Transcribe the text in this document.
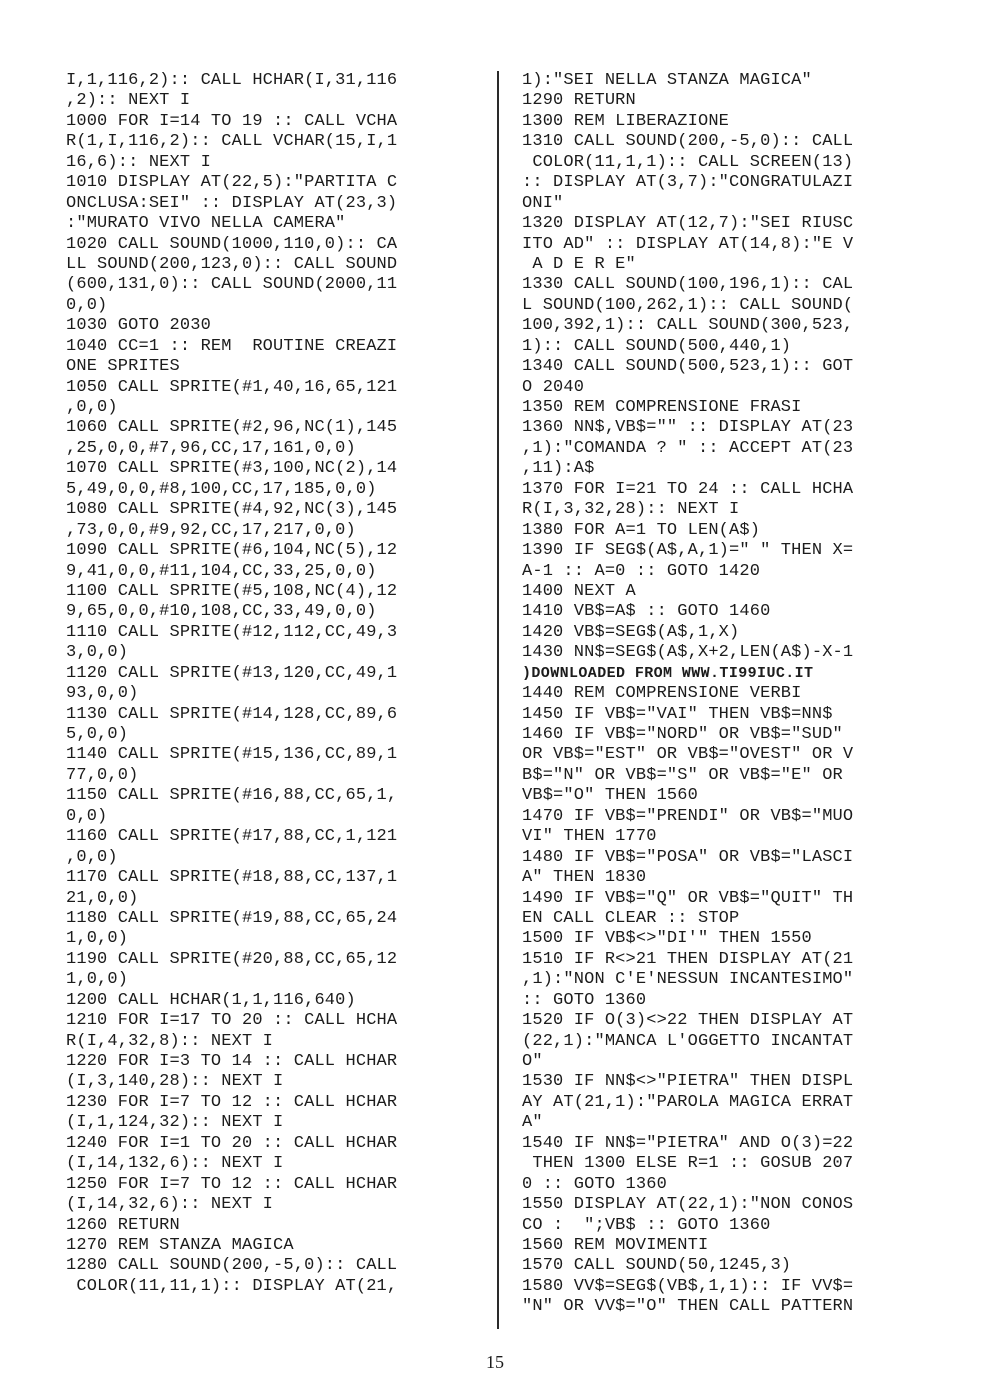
I,1,116,2):: CALL HCHAR(I,31,116
,2):: NEXT I
1000 FOR I=14 TO 19 :: CALL VCHA
R(1,I,116,2):: CALL VCHAR(15,I,1
16,6):: NEXT I
1010 DISPLAY AT(22,5):"PARTITA C
ONCLUSA:SEI" :: DISPLAY AT(23,3)
:"MURATO VIVO NELLA CAMERA"
1020 CALL SOUND(1000,110,0):: CA
LL SOUND(200,123,0):: CALL SOUND
(600,131,0):: CALL SOUND(2000,11
0,0)
1030 GOTO 2030
1040 CC=1 :: REM  ROUTINE CREAZI
ONE SPRITES
1050 CALL SPRITE(#1,40,16,65,121
,0,0)
1060 CALL SPRITE(#2,96,NC(1),145
,25,0,0,#7,96,CC,17,161,0,0)
1070 CALL SPRITE(#3,100,NC(2),14
5,49,0,0,#8,100,CC,17,185,0,0)
1080 CALL SPRITE(#4,92,NC(3),145
,73,0,0,#9,92,CC,17,217,0,0)
1090 CALL SPRITE(#6,104,NC(5),12
9,41,0,0,#11,104,CC,33,25,0,0)
1100 CALL SPRITE(#5,108,NC(4),12
9,65,0,0,#10,108,CC,33,49,0,0)
1110 CALL SPRITE(#12,112,CC,49,3
3,0,0)
1120 CALL SPRITE(#13,120,CC,49,1
93,0,0)
1130 CALL SPRITE(#14,128,CC,89,6
5,0,0)
1140 CALL SPRITE(#15,136,CC,89,1
77,0,0)
1150 CALL SPRITE(#16,88,CC,65,1,
0,0)
1160 CALL SPRITE(#17,88,CC,1,121
,0,0)
1170 CALL SPRITE(#18,88,CC,137,1
21,0,0)
1180 CALL SPRITE(#19,88,CC,65,24
1,0,0)
1190 CALL SPRITE(#20,88,CC,65,12
1,0,0)
1200 CALL HCHAR(1,1,116,640)
1210 FOR I=17 TO 20 :: CALL HCHA
R(I,4,32,8):: NEXT I
1220 FOR I=3 TO 14 :: CALL HCHAR
(I,3,140,28):: NEXT I
1230 FOR I=7 TO 12 :: CALL HCHAR
(I,1,124,32):: NEXT I
1240 FOR I=1 TO 20 :: CALL HCHAR
(I,14,132,6):: NEXT I
1250 FOR I=7 TO 12 :: CALL HCHAR
(I,14,32,6):: NEXT I
1260 RETURN
1270 REM STANZA MAGICA
1280 CALL SOUND(200,-5,0):: CALL
COLOR(11,11,1):: DISPLAY AT(21,
1):"SEI NELLA STANZA MAGICA"
1290 RETURN
1300 REM LIBERAZIONE
1310 CALL SOUND(200,-5,0):: CALL
COLOR(11,1,1):: CALL SCREEN(13)
:: DISPLAY AT(3,7):"CONGRATULAZI
ONI"
1320 DISPLAY AT(12,7):"SEI RIUSC
ITO AD" :: DISPLAY AT(14,8):"E V
A D E R E"
1330 CALL SOUND(100,196,1):: CAL
L SOUND(100,262,1):: CALL SOUND(
100,392,1):: CALL SOUND(300,523,
1):: CALL SOUND(500,440,1)
1340 CALL SOUND(500,523,1):: GOT
O 2040
1350 REM COMPRENSIONE FRASI
1360 NN$,VB$="" :: DISPLAY AT(23
,1):"COMANDA ? " :: ACCEPT AT(23
,11):A$
1370 FOR I=21 TO 24 :: CALL HCHA
R(I,3,32,28):: NEXT I
1380 FOR A=1 TO LEN(A$)
1390 IF SEG$(A$,A,1)=" " THEN X=
A-1 :: A=0 :: GOTO 1420
1400 NEXT A
1410 VB$=A$ :: GOTO 1460
1420 VB$=SEG$(A$,1,X)
1430 NN$=SEG$(A$,X+2,LEN(A$)-X-1
)DOWNLOADED FROM WWW.TI99IUC.IT
1440 REM COMPRENSIONE VERBI
1450 IF VB$="VAI" THEN VB$=NN$
1460 IF VB$="NORD" OR VB$="SUD"
OR VB$="EST" OR VB$="OVEST" OR V
B$="N" OR VB$="S" OR VB$="E" OR
VB$="O" THEN 1560
1470 IF VB$="PRENDI" OR VB$="MUO
VI" THEN 1770
1480 IF VB$="POSA" OR VB$="LASCI
A" THEN 1830
1490 IF VB$="Q" OR VB$="QUIT" TH
EN CALL CLEAR :: STOP
1500 IF VB$<>"DI'" THEN 1550
1510 IF R<>21 THEN DISPLAY AT(21
,1):"NON C'E'NESSUN INCANTESIMO"
:: GOTO 1360
1520 IF O(3)<>22 THEN DISPLAY AT
(22,1):"MANCA L'OGGETTO INCANTAT
O"
1530 IF NN$<>"PIETRA" THEN DISPL
AY AT(21,1):"PAROLA MAGICA ERRAT
A"
1540 IF NN$="PIETRA" AND O(3)=22
THEN 1300 ELSE R=1 :: GOSUB 207
0 :: GOTO 1360
1550 DISPLAY AT(22,1):"NON CONOS
CO :  ";VB$ :: GOTO 1360
1560 REM MOVIMENTI
1570 CALL SOUND(50,1245,3)
1580 VV$=SEG$(VB$,1,1):: IF VV$=
"N" OR VV$="O" THEN CALL PATTERN
15
